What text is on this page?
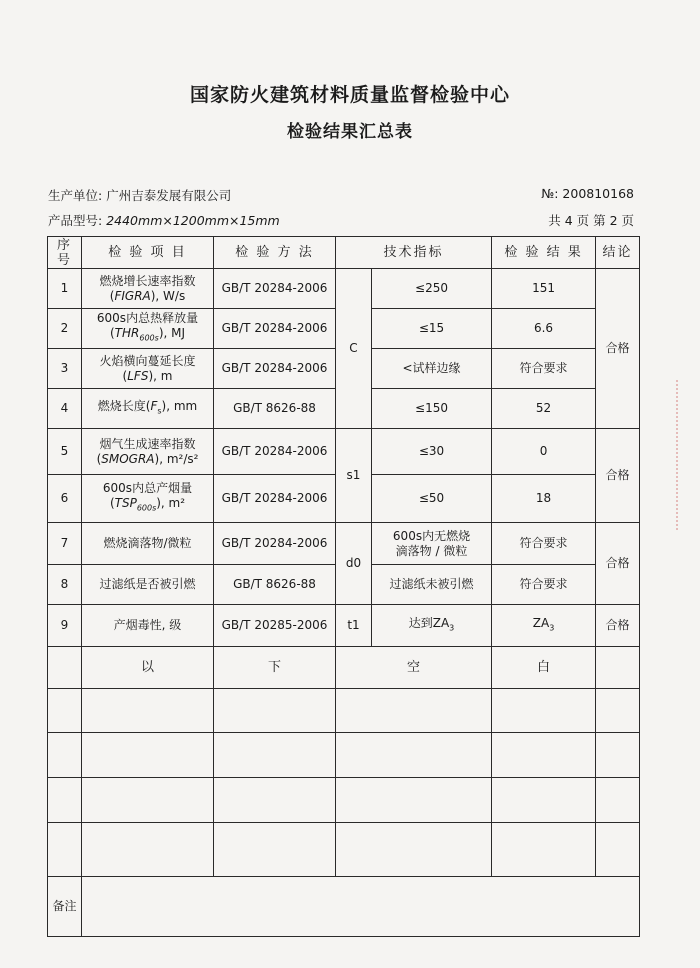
国家防火建筑材料质量监督检验中心
检验结果汇总表
生产单位: 广州吉泰发展有限公司
产品型号: 2440mm×1200mm×15mm
№: 200810168
共 4 页 第 2 页
序号	检 验 项 目	检 验 方 法	技术指标		检 验 结 果	结论
1	燃烧增长速率指数
(FIGRA), W/s	GB/T 20284-2006	C	≤250	151	合格
2	600s内总热释放量
$(THR_{600s})$, MJ	GB/T 20284-2006		≤15	6.6	
3	火焰横向蔓延长度
(LFS), m	GB/T 20284-2006		<试样边缘	符合要求	
4	燃烧长度$(F_s)$, mm	GB/T 8626-88		≤150	52	
5	烟气生成速率指数
(SMOGRA), m²/s²	GB/T 20284-2006	s1	≤30	0	合格
6	600s内总产烟量
$(TSP_{600s})$, m²	GB/T 20284-2006		≤50	18	
7	燃烧滴落物/微粒	GB/T 20284-2006	d0	600s内无燃烧
滴落物 / 微粒	符合要求	合格
8	过滤纸是否被引燃	GB/T 8626-88		过滤纸未被引燃	符合要求	
9	产烟毒性, 级	GB/T 20285-2006	t1	达到$ZA_3$	$ZA_3$	合格
	以	下	空		白	

备注						
